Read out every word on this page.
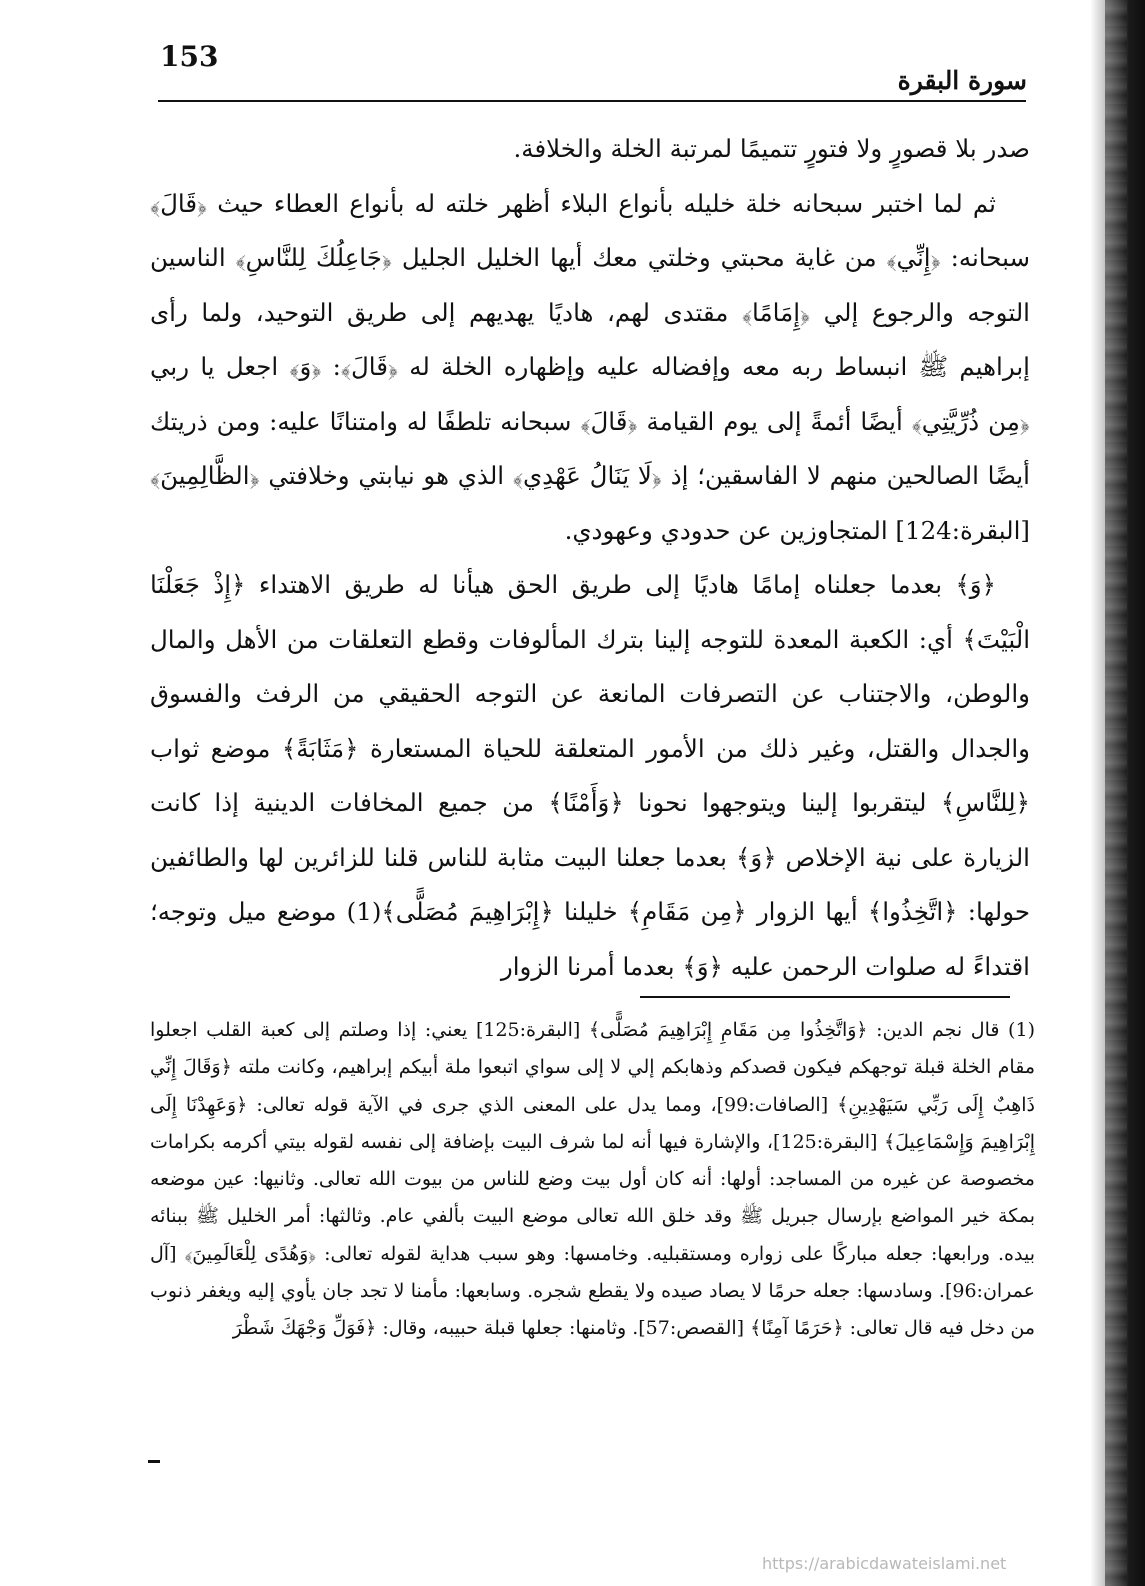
153
سورة البقرة

صدر بلا قصورٍ ولا فتورٍ تتميمًا لمرتبة الخلة والخلافة.

ثم لما اختبر سبحانه خلة خليله بأنواع البلاء أظهر خلته له بأنواع العطاء حيث ﴿قَالَ﴾ سبحانه: ﴿إِنِّي﴾ من غاية محبتي وخلتي معك أيها الخليل الجليل ﴿جَاعِلُكَ لِلنَّاسِ﴾ الناسين التوجه والرجوع إلي ﴿إِمَامًا﴾ مقتدى لهم، هاديًا يهديهم إلى طريق التوحيد، ولما رأى إبراهيم ﷺ انبساط ربه معه وإفضاله عليه وإظهاره الخلة له ﴿قَالَ﴾: ﴿وَ﴾ اجعل يا ربي ﴿مِن ذُرِّيَّتِي﴾ أيضًا أئمةً إلى يوم القيامة ﴿قَالَ﴾ سبحانه تلطفًا له وامتنانًا عليه: ومن ذريتك أيضًا الصالحين منهم لا الفاسقين؛ إذ ﴿لَا يَنَالُ عَهْدِي﴾ الذي هو نيابتي وخلافتي ﴿الظَّالِمِينَ﴾ [البقرة:124] المتجاوزين عن حدودي وعهودي.

﴿وَ﴾ بعدما جعلناه إمامًا هاديًا إلى طريق الحق هيأنا له طريق الاهتداء ﴿إِذْ جَعَلْنَا الْبَيْتَ﴾ أي: الكعبة المعدة للتوجه إلينا بترك المألوفات وقطع التعلقات من الأهل والمال والوطن، والاجتناب عن التصرفات المانعة عن التوجه الحقيقي من الرفث والفسوق والجدال والقتل، وغير ذلك من الأمور المتعلقة للحياة المستعارة ﴿مَثَابَةً﴾ موضع ثواب ﴿لِلنَّاسِ﴾ ليتقربوا إلينا ويتوجهوا نحونا ﴿وَأَمْنًا﴾ من جميع المخافات الدينية إذا كانت الزيارة على نية الإخلاص ﴿وَ﴾ بعدما جعلنا البيت مثابة للناس قلنا للزائرين لها والطائفين حولها: ﴿اتَّخِذُوا﴾ أيها الزوار ﴿مِن مَقَامِ﴾ خليلنا ﴿إِبْرَاهِيمَ مُصَلًّى﴾(1) موضع ميل وتوجه؛ اقتداءً له صلوات الرحمن عليه ﴿وَ﴾ بعدما أمرنا الزوار

(1) قال نجم الدين: ﴿وَاتَّخِذُوا مِن مَقَامِ إِبْرَاهِيمَ مُصَلًّى﴾ [البقرة:125] يعني: إذا وصلتم إلى كعبة القلب اجعلوا مقام الخلة قبلة توجهكم فيكون قصدكم وذهابكم إلي لا إلى سواي اتبعوا ملة أبيكم إبراهيم، وكانت ملته ﴿وَقَالَ إِنِّي ذَاهِبٌ إِلَى رَبِّي سَيَهْدِينِ﴾ [الصافات:99]، ومما يدل على المعنى الذي جرى في الآية قوله تعالى: ﴿وَعَهِدْنَا إِلَى إِبْرَاهِيمَ وَإِسْمَاعِيلَ﴾ [البقرة:125]، والإشارة فيها أنه لما شرف البيت بإضافة إلى نفسه لقوله بيتي أكرمه بكرامات مخصوصة عن غيره من المساجد: أولها: أنه كان أول بيت وضع للناس من بيوت الله تعالى. وثانيها: عين موضعه بمكة خير المواضع بإرسال جبريل ﷺ وقد خلق الله تعالى موضع البيت بألفي عام. وثالثها: أمر الخليل ﷺ ببنائه بيده. ورابعها: جعله مباركًا على زواره ومستقبليه. وخامسها: وهو سبب هداية لقوله تعالى: ﴿وَهُدًى لِلْعَالَمِينَ﴾ [آل عمران:96]. وسادسها: جعله حرمًا لا يصاد صيده ولا يقطع شجره. وسابعها: مأمنا لا تجد جان يأوي إليه ويغفر ذنوب من دخل فيه قال تعالى: ﴿حَرَمًا آمِنًا﴾ [القصص:57]. وثامنها: جعلها قبلة حبيبه، وقال: ﴿فَوَلِّ وَجْهَكَ شَطْرَ

https://arabicdawateislami.net
